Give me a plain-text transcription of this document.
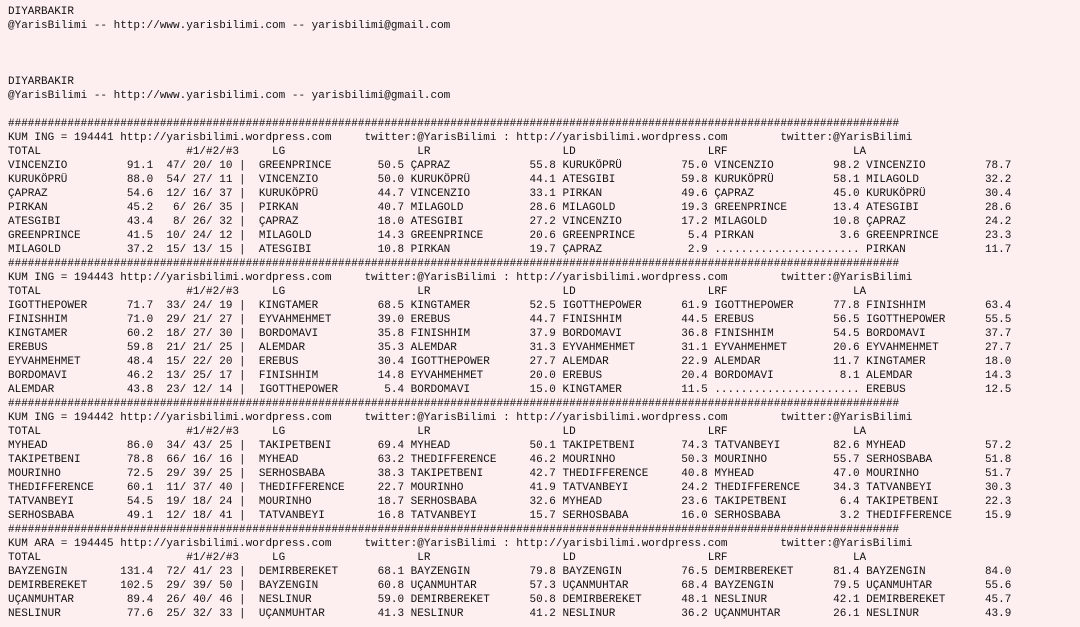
DIYARBAKIR
@YarisBilimi -- http://www.yarisbilimi.com -- yarisbilimi@gmail.com

DIYARBAKIR
@YarisBilimi -- http://www.yarisbilimi.com -- yarisbilimi@gmail.com

#######################################################################################################################################
KUM ING = 194441 http://yarisbilimi.wordpress.com     twitter:@YarisBilimi : http://yarisbilimi.wordpress.com        twitter:@YarisBilimi
TOTAL                      #1/#2/#3     LG                    LR                    LD                    LRF                   LA
VINCENZIO         91.1  47/ 20/ 10 |  GREENPRINCE       50.5 ÇAPRAZ            55.8 KURUKÖPRÜ         75.0 VINCENZIO         98.2 VINCENZIO         78.7
KURUKÖPRÜ         88.0  54/ 27/ 11 |  VINCENZIO         50.0 KURUKÖPRÜ         44.1 ATESGIBI          59.8 KURUKÖPRÜ         58.1 MILAGOLD          32.2
ÇAPRAZ            54.6  12/ 16/ 37 |  KURUKÖPRÜ         44.7 VINCENZIO         33.1 PIRKAN            49.6 ÇAPRAZ            45.0 KURUKÖPRÜ         30.4
PIRKAN            45.2   6/ 26/ 35 |  PIRKAN            40.7 MILAGOLD          28.6 MILAGOLD          19.3 GREENPRINCE       13.4 ATESGIBI          28.6
ATESGIBI          43.4   8/ 26/ 32 |  ÇAPRAZ            18.0 ATESGIBI          27.2 VINCENZIO         17.2 MILAGOLD          10.8 ÇAPRAZ            24.2
GREENPRINCE       41.5  10/ 24/ 12 |  MILAGOLD          14.3 GREENPRINCE       20.6 GREENPRINCE        5.4 PIRKAN             3.6 GREENPRINCE       23.3
MILAGOLD          37.2  15/ 13/ 15 |  ATESGIBI          10.8 PIRKAN            19.7 ÇAPRAZ             2.9 ...................... PIRKAN            11.7
#######################################################################################################################################
KUM ING = 194443 http://yarisbilimi.wordpress.com     twitter:@YarisBilimi : http://yarisbilimi.wordpress.com        twitter:@YarisBilimi
TOTAL                      #1/#2/#3     LG                    LR                    LD                    LRF                   LA
IGOTTHEPOWER      71.7  33/ 24/ 19 |  KINGTAMER         68.5 KINGTAMER         52.5 IGOTTHEPOWER      61.9 IGOTTHEPOWER      77.8 FINISHHIM         63.4
FINISHHIM         71.0  29/ 21/ 27 |  EYVAHMEHMET       39.0 EREBUS            44.7 FINISHHIM         44.5 EREBUS            56.5 IGOTTHEPOWER      55.5
KINGTAMER         60.2  18/ 27/ 30 |  BORDOMAVI         35.8 FINISHHIM         37.9 BORDOMAVI         36.8 FINISHHIM         54.5 BORDOMAVI         37.7
EREBUS            59.8  21/ 21/ 25 |  ALEMDAR           35.3 ALEMDAR           31.3 EYVAHMEHMET       31.1 EYVAHMEHMET       20.6 EYVAHMEHMET       27.7
EYVAHMEHMET       48.4  15/ 22/ 20 |  EREBUS            30.4 IGOTTHEPOWER      27.7 ALEMDAR           22.9 ALEMDAR           11.7 KINGTAMER         18.0
BORDOMAVI         46.2  13/ 25/ 17 |  FINISHHIM         14.8 EYVAHMEHMET       20.0 EREBUS            20.4 BORDOMAVI          8.1 ALEMDAR           14.3
ALEMDAR           43.8  23/ 12/ 14 |  IGOTTHEPOWER       5.4 BORDOMAVI         15.0 KINGTAMER         11.5 ...................... EREBUS            12.5
#######################################################################################################################################
KUM ING = 194442 http://yarisbilimi.wordpress.com     twitter:@YarisBilimi : http://yarisbilimi.wordpress.com        twitter:@YarisBilimi
TOTAL                      #1/#2/#3     LG                    LR                    LD                    LRF                   LA
MYHEAD            86.0  34/ 43/ 25 |  TAKIPETBENI       69.4 MYHEAD            50.1 TAKIPETBENI       74.3 TATVANBEYI        82.6 MYHEAD            57.2
TAKIPETBENI       78.8  66/ 16/ 16 |  MYHEAD            63.2 THEDIFFERENCE     46.2 MOURINHO          50.3 MOURINHO          55.7 SERHOSBABA        51.8
MOURINHO          72.5  29/ 39/ 25 |  SERHOSBABA        38.3 TAKIPETBENI       42.7 THEDIFFERENCE     40.8 MYHEAD            47.0 MOURINHO          51.7
THEDIFFERENCE     60.1  11/ 37/ 40 |  THEDIFFERENCE     22.7 MOURINHO          41.9 TATVANBEYI        24.2 THEDIFFERENCE     34.3 TATVANBEYI        30.3
TATVANBEYI        54.5  19/ 18/ 24 |  MOURINHO          18.7 SERHOSBABA        32.6 MYHEAD            23.6 TAKIPETBENI        6.4 TAKIPETBENI       22.3
SERHOSBABA        49.1  12/ 18/ 41 |  TATVANBEYI        16.8 TATVANBEYI        15.7 SERHOSBABA        16.0 SERHOSBABA         3.2 THEDIFFERENCE     15.9
#######################################################################################################################################
KUM ARA = 194445 http://yarisbilimi.wordpress.com     twitter:@YarisBilimi : http://yarisbilimi.wordpress.com        twitter:@YarisBilimi
TOTAL                      #1/#2/#3     LG                    LR                    LD                    LRF                   LA
BAYZENGIN        131.4  72/ 41/ 23 |  DEMIRBEREKET      68.1 BAYZENGIN         79.8 BAYZENGIN         76.5 DEMIRBEREKET      81.4 BAYZENGIN         84.0
DEMIRBEREKET     102.5  29/ 39/ 50 |  BAYZENGIN         60.8 UÇANMUHTAR        57.3 UÇANMUHTAR        68.4 BAYZENGIN         79.5 UÇANMUHTAR        55.6
UÇANMUHTAR        89.4  26/ 40/ 46 |  NESLINUR          59.0 DEMIRBEREKET      50.8 DEMIRBEREKET      48.1 NESLINUR          42.1 DEMIRBEREKET      45.7
NESLINUR          77.6  25/ 32/ 33 |  UÇANMUHTAR        41.3 NESLINUR          41.2 NESLINUR          36.2 UÇANMUHTAR        26.1 NESLINUR          43.9
